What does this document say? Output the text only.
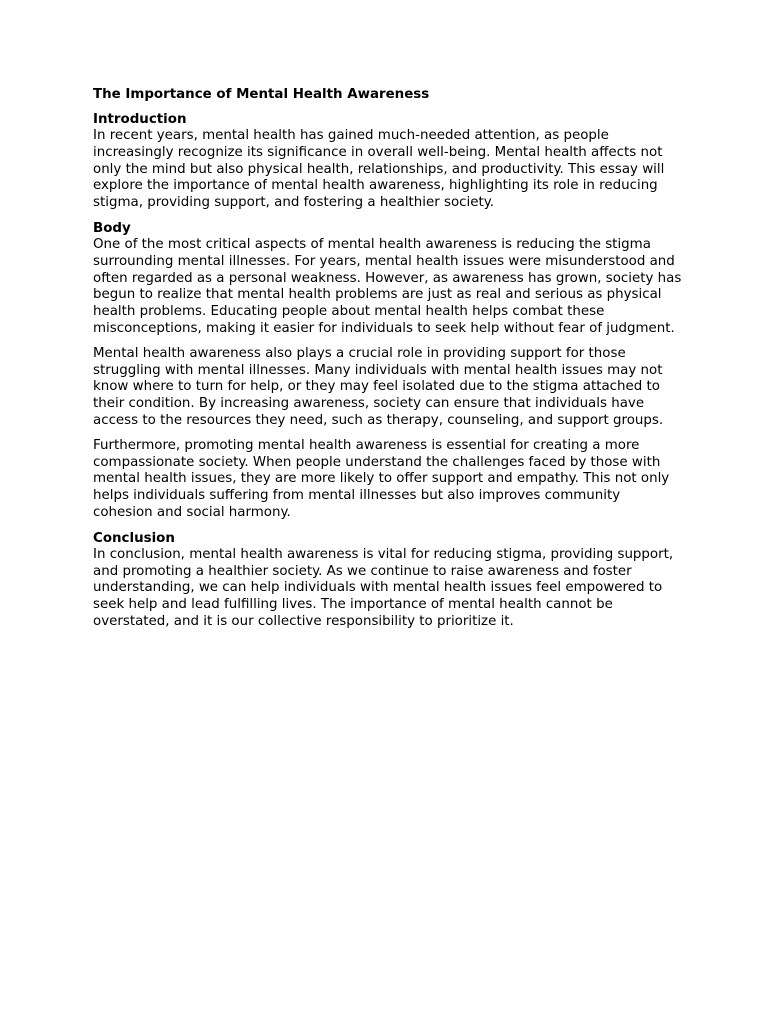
The Importance of Mental Health Awareness
Introduction

In recent years, mental health has gained much-needed attention, as people increasingly recognize its significance in overall well-being. Mental health affects not only the mind but also physical health, relationships, and productivity. This essay will explore the importance of mental health awareness, highlighting its role in reducing stigma, providing support, and fostering a healthier society.

Body

One of the most critical aspects of mental health awareness is reducing the stigma surrounding mental illnesses. For years, mental health issues were misunderstood and often regarded as a personal weakness. However, as awareness has grown, society has begun to realize that mental health problems are just as real and serious as physical health problems. Educating people about mental health helps combat these misconceptions, making it easier for individuals to seek help without fear of judgment.

Mental health awareness also plays a crucial role in providing support for those struggling with mental illnesses. Many individuals with mental health issues may not know where to turn for help, or they may feel isolated due to the stigma attached to their condition. By increasing awareness, society can ensure that individuals have access to the resources they need, such as therapy, counseling, and support groups.

Furthermore, promoting mental health awareness is essential for creating a more compassionate society. When people understand the challenges faced by those with mental health issues, they are more likely to offer support and empathy. This not only helps individuals suffering from mental illnesses but also improves community cohesion and social harmony.

Conclusion

In conclusion, mental health awareness is vital for reducing stigma, providing support, and promoting a healthier society. As we continue to raise awareness and foster understanding, we can help individuals with mental health issues feel empowered to seek help and lead fulfilling lives. The importance of mental health cannot be overstated, and it is our collective responsibility to prioritize it.
